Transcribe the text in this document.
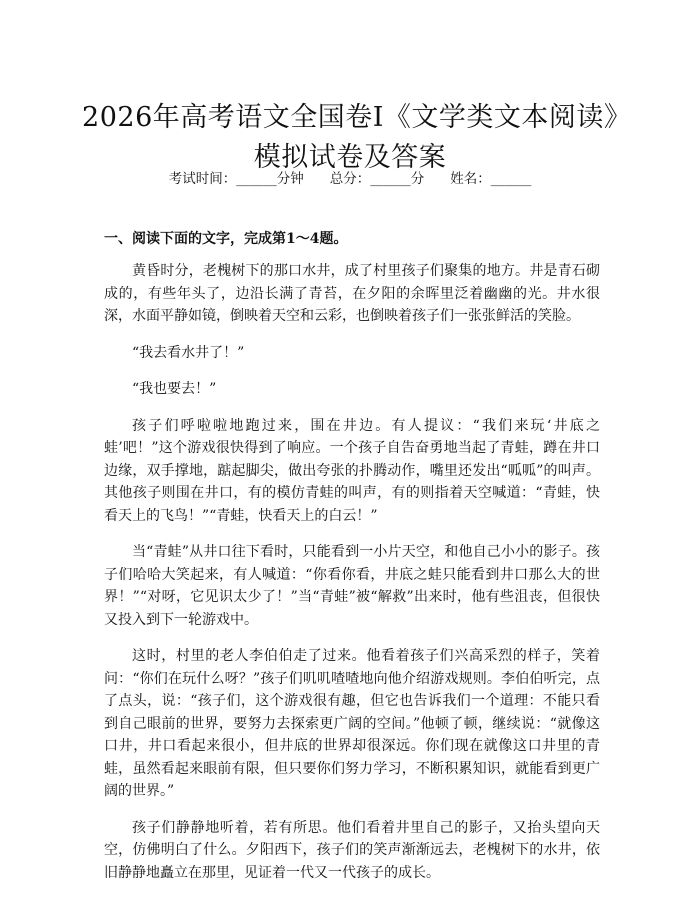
2026年高考语文全国卷Ⅰ《文学类文本阅读》模拟试卷及答案
考试时间：______分钟 总分：______分 姓名：______
一、阅读下面的文字，完成第1～4题。

黄昏时分，老槐树下的那口水井，成了村里孩子们聚集的地方。井是青石砌成的，有些年头了，边沿长满了青苔，在夕阳的余晖里泛着幽幽的光。井水很深，水面平静如镜，倒映着天空和云彩，也倒映着孩子们一张张鲜活的笑脸。

“我去看水井了！”

“我也要去！”

孩子们呼啦啦地跑过来，围在井边。有人提议：“我们来玩‘井底之蛙’吧！”这个游戏很快得到了响应。一个孩子自告奋勇地当起了青蛙，蹲在井口边缘，双手撑地，踮起脚尖，做出夸张的扑腾动作，嘴里还发出“呱呱”的叫声。其他孩子则围在井口，有的模仿青蛙的叫声，有的则指着天空喊道：“青蛙，快看天上的飞鸟！”“青蛙，快看天上的白云！”

当“青蛙”从井口往下看时，只能看到一小片天空，和他自己小小的影子。孩子们哈哈大笑起来，有人喊道：“你看你看，井底之蛙只能看到井口那么大的世界！”“对呀，它见识太少了！”当“青蛙”被“解救”出来时，他有些沮丧，但很快又投入到下一轮游戏中。

这时，村里的老人李伯伯走了过来。他看着孩子们兴高采烈的样子，笑着问：“你们在玩什么呀？”孩子们叽叽喳喳地向他介绍游戏规则。李伯伯听完，点了点头，说：“孩子们，这个游戏很有趣，但它也告诉我们一个道理：不能只看到自己眼前的世界，要努力去探索更广阔的空间。”他顿了顿，继续说：“就像这口井，井口看起来很小，但井底的世界却很深远。你们现在就像这口井里的青蛙，虽然看起来眼前有限，但只要你们努力学习，不断积累知识，就能看到更广阔的世界。”

孩子们静静地听着，若有所思。他们看着井里自己的影子，又抬头望向天空，仿佛明白了什么。夕阳西下，孩子们的笑声渐渐远去，老槐树下的水井，依旧静静地矗立在那里，见证着一代又一代孩子的成长。
